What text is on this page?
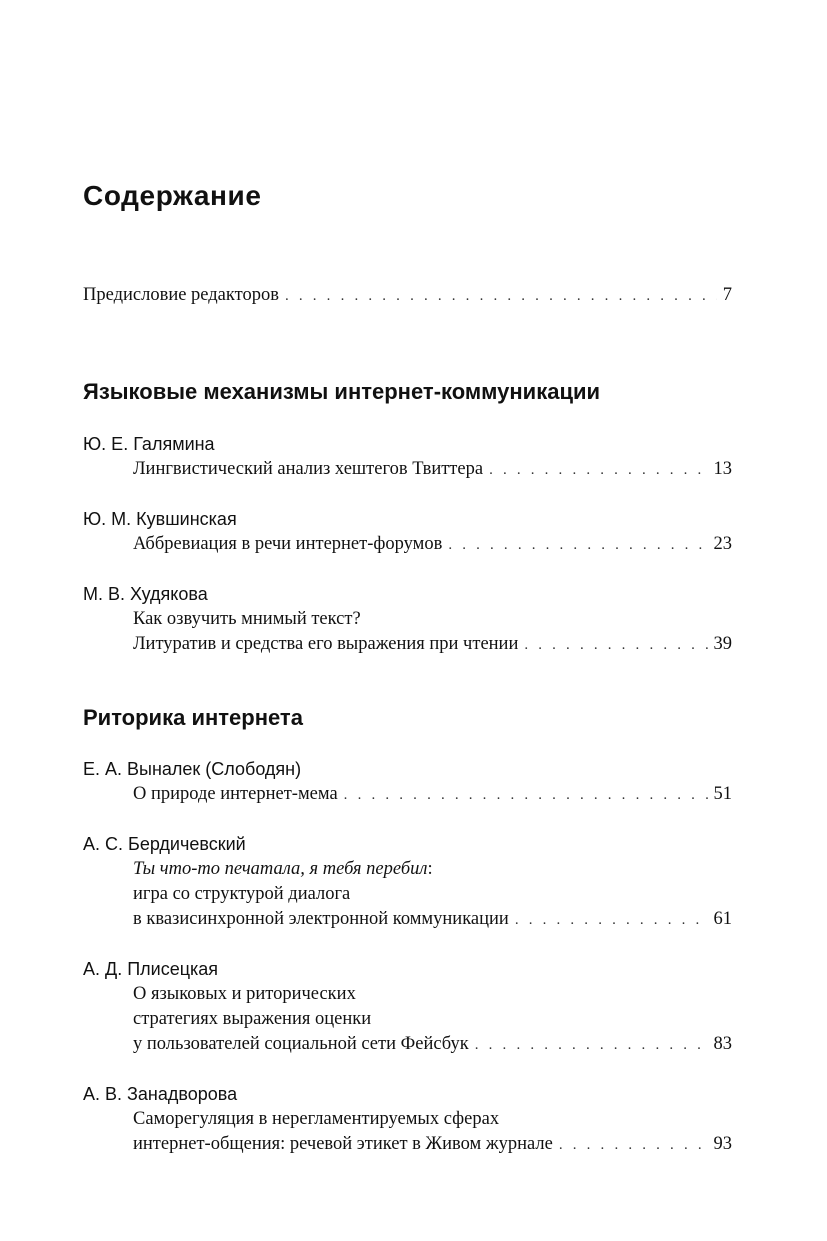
Содержание
Предисловие редакторов . . .	7
Языковые механизмы интернет-коммуникации
Ю. Е. Галямина
Лингвистический анализ хештегов Твиттера . . .	13
Ю. М. Кувшинская
Аббревиация в речи интернет-форумов . . .	23
М. В. Худякова
Как озвучить мнимый текст?
Литуратив и средства его выражения при чтении . . .	39
Риторика интернета
Е. А. Выналек (Слободян)
О природе интернет-мема . . .	51
А. С. Бердичевский
Ты что-то печатала, я тебя перебил:
игра со структурой диалога
в квазисинхронной электронной коммуникации . . .	61
А. Д. Плисецкая
О языковых и риторических
стратегиях выражения оценки
у пользователей социальной сети Фейсбук . . .	83
А. В. Занадворова
Саморегуляция в нерегламентируемых сферах
интернет-общения: речевой этикет в Живом журнале . . .	93
